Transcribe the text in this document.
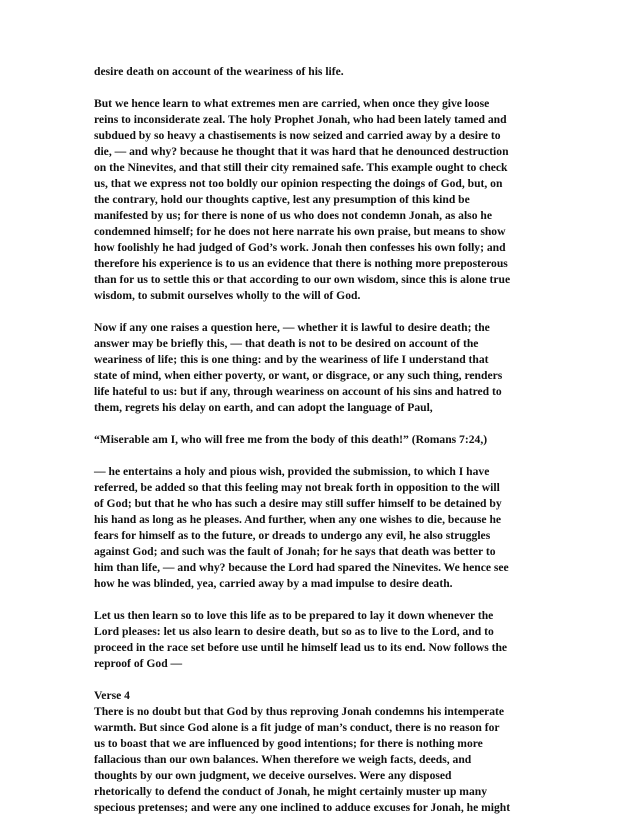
desire death on account of the weariness of his life.

But we hence learn to what extremes men are carried, when once they give loose
reins to inconsiderate zeal. The holy Prophet Jonah, who had been lately tamed and
subdued by so heavy a chastisements is now seized and carried away by a desire to
die, — and why? because he thought that it was hard that he denounced destruction
on the Ninevites, and that still their city remained safe. This example ought to check
us, that we express not too boldly our opinion respecting the doings of God, but, on
the contrary, hold our thoughts captive, lest any presumption of this kind be
manifested by us; for there is none of us who does not condemn Jonah, as also he
condemned himself; for he does not here narrate his own praise, but means to show
how foolishly he had judged of God’s work. Jonah then confesses his own folly; and
therefore his experience is to us an evidence that there is nothing more preposterous
than for us to settle this or that according to our own wisdom, since this is alone true
wisdom, to submit ourselves wholly to the will of God.

Now if any one raises a question here, — whether it is lawful to desire death; the
answer may be briefly this, — that death is not to be desired on account of the
weariness of life; this is one thing: and by the weariness of life I understand that
state of mind, when either poverty, or want, or disgrace, or any such thing, renders
life hateful to us: but if any, through weariness on account of his sins and hatred to
them, regrets his delay on earth, and can adopt the language of Paul,

“Miserable am I, who will free me from the body of this death!” (Romans 7:24,)

— he entertains a holy and pious wish, provided the submission, to which I have
referred, be added so that this feeling may not break forth in opposition to the will
of God; but that he who has such a desire may still suffer himself to be detained by
his hand as long as he pleases. And further, when any one wishes to die, because he
fears for himself as to the future, or dreads to undergo any evil, he also struggles
against God; and such was the fault of Jonah; for he says that death was better to
him than life, — and why? because the Lord had spared the Ninevites. We hence see
how he was blinded, yea, carried away by a mad impulse to desire death.

Let us then learn so to love this life as to be prepared to lay it down whenever the
Lord pleases: let us also learn to desire death, but so as to live to the Lord, and to
proceed in the race set before use until he himself lead us to its end. Now follows the
reproof of God —

Verse 4

There is no doubt but that God by thus reproving Jonah condemns his intemperate
warmth. But since God alone is a fit judge of man’s conduct, there is no reason for
us to boast that we are influenced by good intentions; for there is nothing more
fallacious than our own balances. When therefore we weigh facts, deeds, and
thoughts by our own judgment, we deceive ourselves. Were any disposed
rhetorically to defend the conduct of Jonah, he might certainly muster up many
specious pretenses; and were any one inclined to adduce excuses for Jonah, he might
